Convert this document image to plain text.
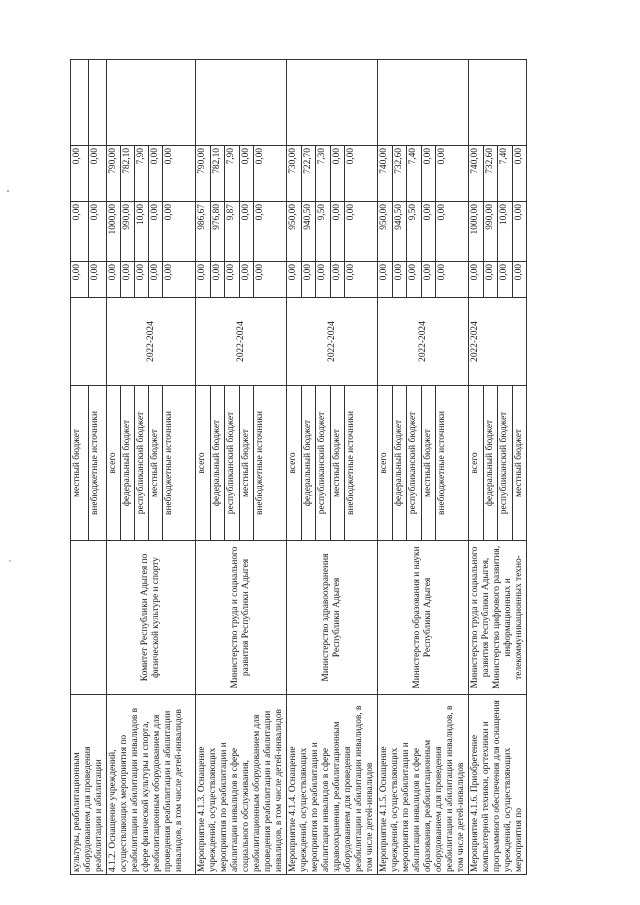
культуры, реабилитационным оборудованием для проведения реабилитации и абилитации		местный бюджет		0,00	0,00	0,00	
		внебюджетные источники		0,00	0,00	0,00	
4.1.2. Оснащение учреждений, осуществляющих мероприятия по реабилитации и абилитации инвалидов в сфере физической культуры и спорта, реабилитационным оборудованием для проведения реабилитации и абилитации инвалидов, в том числе детей-инвалидов	Комитет Республики Адыгея по физической культуре и спорту	всего	2022-2024	0,00	1000,00	790,00	
		федеральный бюджет		0,00	990,00	782,10	
		республиканский бюджет		0,00	10,00	7,90	
		местный бюджет		0,00	0,00	0,00	
		внебюджетные источники		0,00	0,00	0,00	
Мероприятие 4.1.3. Оснащение учреждений, осуществляющих мероприятия по реабилитации и абилитации инвалидов в сфере социального обслуживания, реабилитационным оборудованием для проведения реабилитации и абилитации инвалидов, в том числе детей-инвалидов	Министерство труда и социального развития Республики Адыгея	всего	2022-2024	0,00	986,67	790,00	
		федеральный бюджет		0,00	976,80	782,10	
		республиканский бюджет		0,00	9,87	7,90	
		местный бюджет		0,00	0,00	0,00	
		внебюджетные источники		0,00	0,00	0,00	
Мероприятие 4.1.4. Оснащение учреждений, осуществляющих мероприятия по реабилитации и абилитации инвалидов в сфере здравоохранения, реабилитационным оборудованием для проведения реабилитации и абилитации инвалидов, в том числе детей-инвалидов	Министерство здравоохранения Республики Адыгея	всего	2022-2024	0,00	950,00	730,00	
		федеральный бюджет		0,00	940,50	722,70	
		республиканский бюджет		0,00	9,50	7,30	
		местный бюджет		0,00	0,00	0,00	
		внебюджетные источники		0,00	0,00	0,00	
Мероприятие 4.1.5. Оснащение учреждений, осуществляющих мероприятия по реабилитации и абилитации инвалидов в сфере образования, реабилитационным оборудованием для проведения реабилитации и абилитации инвалидов, в том числе детей-инвалидов	Министерство образования и науки Республики Адыгея	всего	2022-2024	0,00	950,00	740,00	
		федеральный бюджет		0,00	940,50	732,60	
		республиканский бюджет		0,00	9,50	7,40	
		местный бюджет		0,00	0,00	0,00	
		внебюджетные источники		0,00	0,00	0,00	
Мероприятие 4.1.6. Приобретение компьютерной техники, оргтехники и программного обеспечения для оснащения учреждений, осуществляющих мероприятия по	Министерство труда и социального развития Республики Адыгея, Министерство цифрового развития, информационных и телекоммуникационных техно-	всего	2022-2024	0,00	1000,00	740,00	
		федеральный бюджет		0,00	990,00	732,60	
		республиканский бюджет		0,00	10,00	7,40	
		местный бюджет		0,00	0,00	0,00	
